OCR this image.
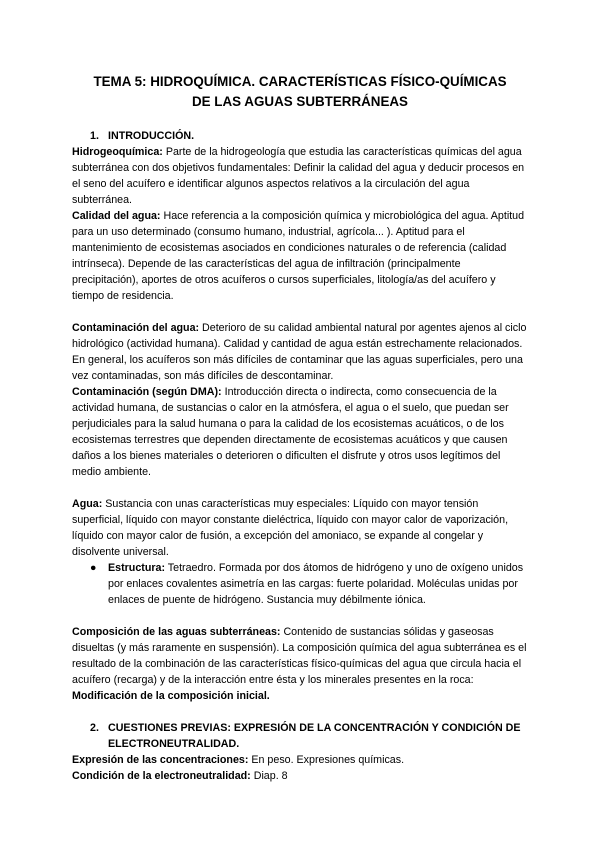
TEMA 5: HIDROQUÍMICA. CARACTERÍSTICAS FÍSICO-QUÍMICAS
DE LAS AGUAS SUBTERRÁNEAS
1. INTRODUCCIÓN.

Hidrogeoquímica: Parte de la hidrogeología que estudia las características químicas del agua subterránea con dos objetivos fundamentales: Definir la calidad del agua y deducir procesos en el seno del acuífero e identificar algunos aspectos relativos a la circulación del agua subterránea.

Calidad del agua: Hace referencia a la composición química y microbiológica del agua. Aptitud para un uso determinado (consumo humano, industrial, agrícola... ). Aptitud para el mantenimiento de ecosistemas asociados en condiciones naturales o de referencia (calidad intrínseca). Depende de las características del agua de infiltración (principalmente precipitación), aportes de otros acuíferos o cursos superficiales, litología/as del acuífero y tiempo de residencia.

Contaminación del agua: Deterioro de su calidad ambiental natural por agentes ajenos al ciclo hidrológico (actividad humana). Calidad y cantidad de agua están estrechamente relacionados. En general, los acuíferos son más difíciles de contaminar que las aguas superficiales, pero una vez contaminadas, son más difíciles de descontaminar.

Contaminación (según DMA): Introducción directa o indirecta, como consecuencia de la actividad humana, de sustancias o calor en la atmósfera, el agua o el suelo, que puedan ser perjudiciales para la salud humana o para la calidad de los ecosistemas acuáticos, o de los ecosistemas terrestres que dependen directamente de ecosistemas acuáticos y que causen daños a los bienes materiales o deterioren o dificulten el disfrute y otros usos legítimos del medio ambiente.

Agua: Sustancia con unas características muy especiales: Líquido con mayor tensión superficial, líquido con mayor constante dieléctrica, líquido con mayor calor de vaporización, líquido con mayor calor de fusión, a excepción del amoniaco, se expande al congelar y disolvente universal.

●	Estructura: Tetraedro. Formada por dos átomos de hidrógeno y uno de oxígeno unidos por enlaces covalentes asimetría en las cargas: fuerte polaridad. Moléculas unidas por enlaces de puente de hidrógeno. Sustancia muy débilmente iónica.

Composición de las aguas subterráneas: Contenido de sustancias sólidas y gaseosas disueltas (y más raramente en suspensión). La composición química del agua subterránea es el resultado de la combinación de las características físico-químicas del agua que circula hacia el acuífero (recarga) y de la interacción entre ésta y los minerales presentes en la roca: Modificación de la composición inicial.

2. CUESTIONES PREVIAS: EXPRESIÓN DE LA CONCENTRACIÓN Y CONDICIÓN DE ELECTRONEUTRALIDAD.

Expresión de las concentraciones: En peso. Expresiones químicas.

Condición de la electroneutralidad: Diap. 8
